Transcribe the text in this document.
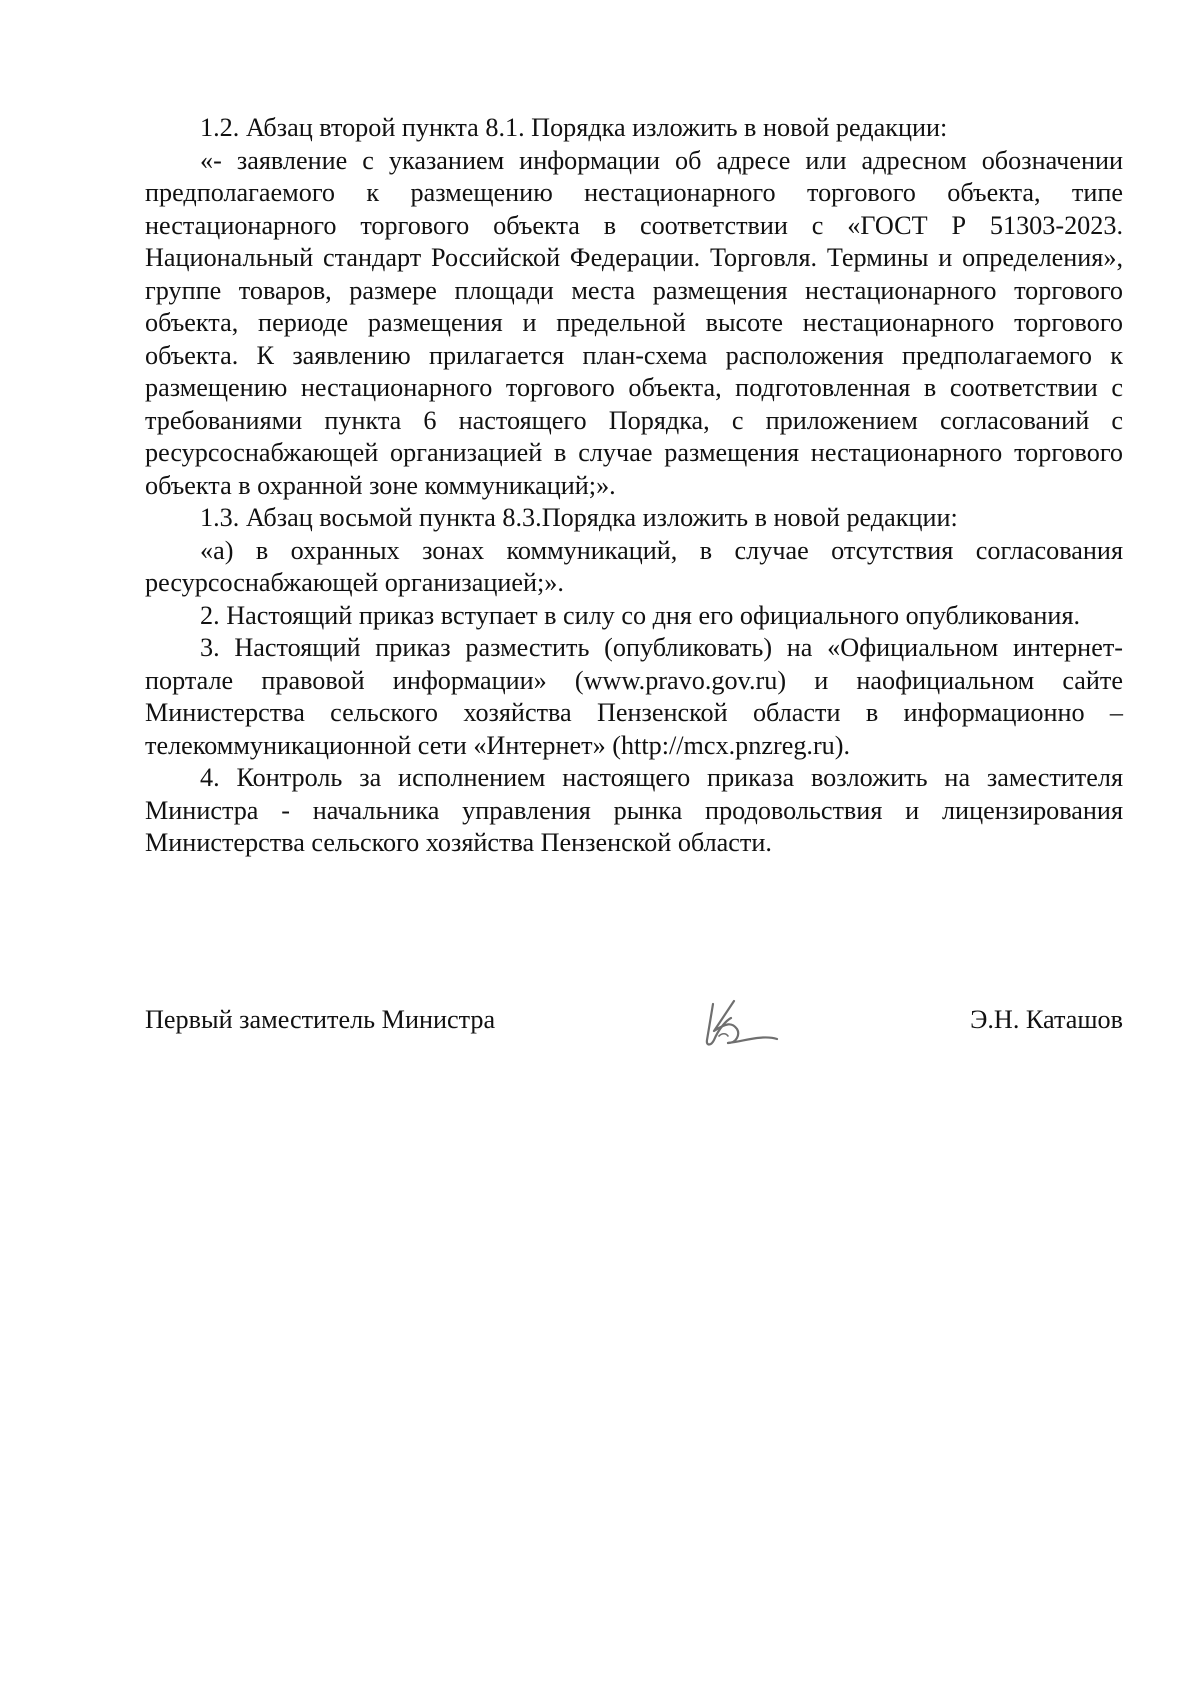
1.2. Абзац второй пункта 8.1. Порядка изложить в новой редакции:

«- заявление с указанием информации об адресе или адресном обозначении предполагаемого к размещению нестационарного торгового объекта, типе нестационарного торгового объекта в соответствии с «ГОСТ Р 51303-2023. Национальный стандарт Российской Федерации. Торговля. Термины и определения», группе товаров, размере площади места размещения нестационарного торгового объекта, периоде размещения и предельной высоте нестационарного торгового объекта. К заявлению прилагается план-схема расположения предполагаемого к размещению нестационарного торгового объекта, подготовленная в соответствии с требованиями пункта 6 настоящего Порядка, с приложением согласований с ресурсоснабжающей организацией в случае размещения нестационарного торгового объекта в охранной зоне коммуникаций;».

1.3. Абзац восьмой пункта 8.3.Порядка изложить в новой редакции:

«а) в охранных зонах коммуникаций, в случае отсутствия согласования ресурсоснабжающей организацией;».

2. Настоящий приказ вступает в силу со дня его официального опубликования.

3. Настоящий приказ разместить (опубликовать) на «Официальном интернет-портале правовой информации» (www.pravo.gov.ru) и наофициальном сайте Министерства сельского хозяйства Пензенской области в информационно – телекоммуникационной сети «Интернет» (http://mcx.pnzreg.ru).

4. Контроль за исполнением настоящего приказа возложить на заместителя Министра - начальника управления рынка продовольствия и лицензирования Министерства сельского хозяйства Пензенской области.

Первый заместитель Министра	Э.Н. Каташов
